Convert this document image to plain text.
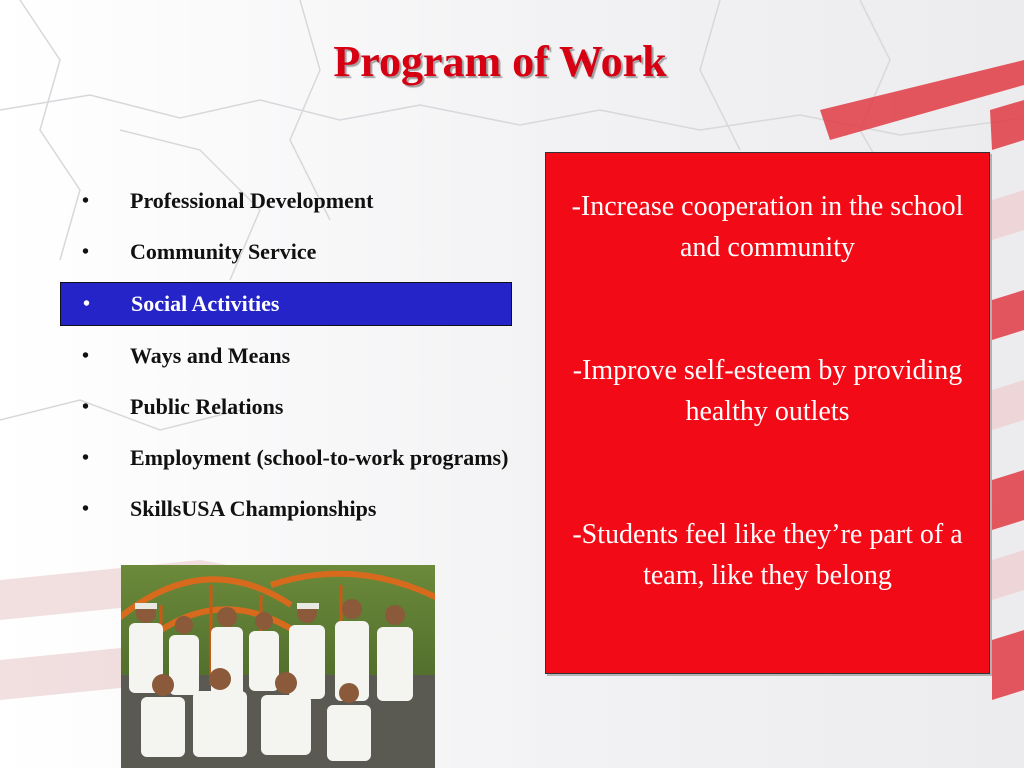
Program of Work
• Professional Development
• Community Service
• Social Activities
• Ways and Means
• Public Relations
• Employment (school-to-work programs)
• SkillsUSA Championships

-Increase cooperation in the school and community

-Improve self-esteem by providing healthy outlets

-Students feel like they’re part of a team, like they belong
